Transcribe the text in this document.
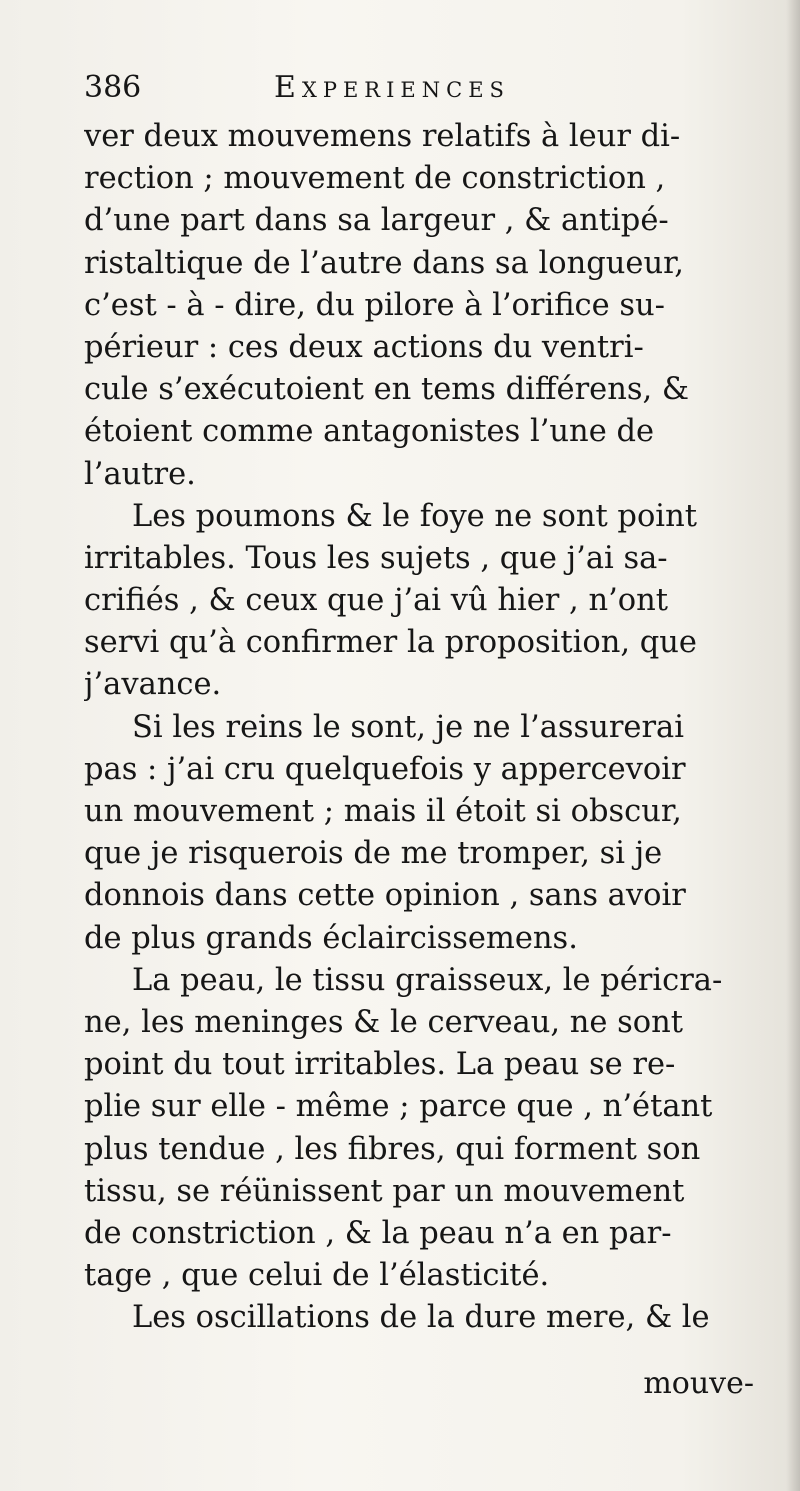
386	Experiences
ver deux mouvemens relatifs à leur di-
rection ; mouvement de constriction ,
d’une part dans sa largeur , & antipé-
ristaltique de l’autre dans sa longueur,
c’est - à - dire, du pilore à l’orifice su-
périeur : ces deux actions du ventri-
cule s’exécutoient en tems différens, &
étoient comme antagonistes l’une de
l’autre.
Les poumons & le foye ne sont point
irritables. Tous les sujets , que j’ai sa-
crifiés , & ceux que j’ai vû hier , n’ont
servi qu’à confirmer la proposition, que
j’avance.
Si les reins le sont, je ne l’assurerai
pas : j’ai cru quelquefois y appercevoir
un mouvement ; mais il étoit si obscur,
que je risquerois de me tromper, si je
donnois dans cette opinion , sans avoir
de plus grands éclaircissemens.
La peau, le tissu graisseux, le péricra-
ne, les meninges & le cerveau, ne sont
point du tout irritables. La peau se re-
plie sur elle - même ; parce que , n’étant
plus tendue , les fibres, qui forment son
tissu, se réünissent par un mouvement
de constriction , & la peau n’a en par-
tage , que celui de l’élasticité.
Les oscillations de la dure mere, & le
mouve-
